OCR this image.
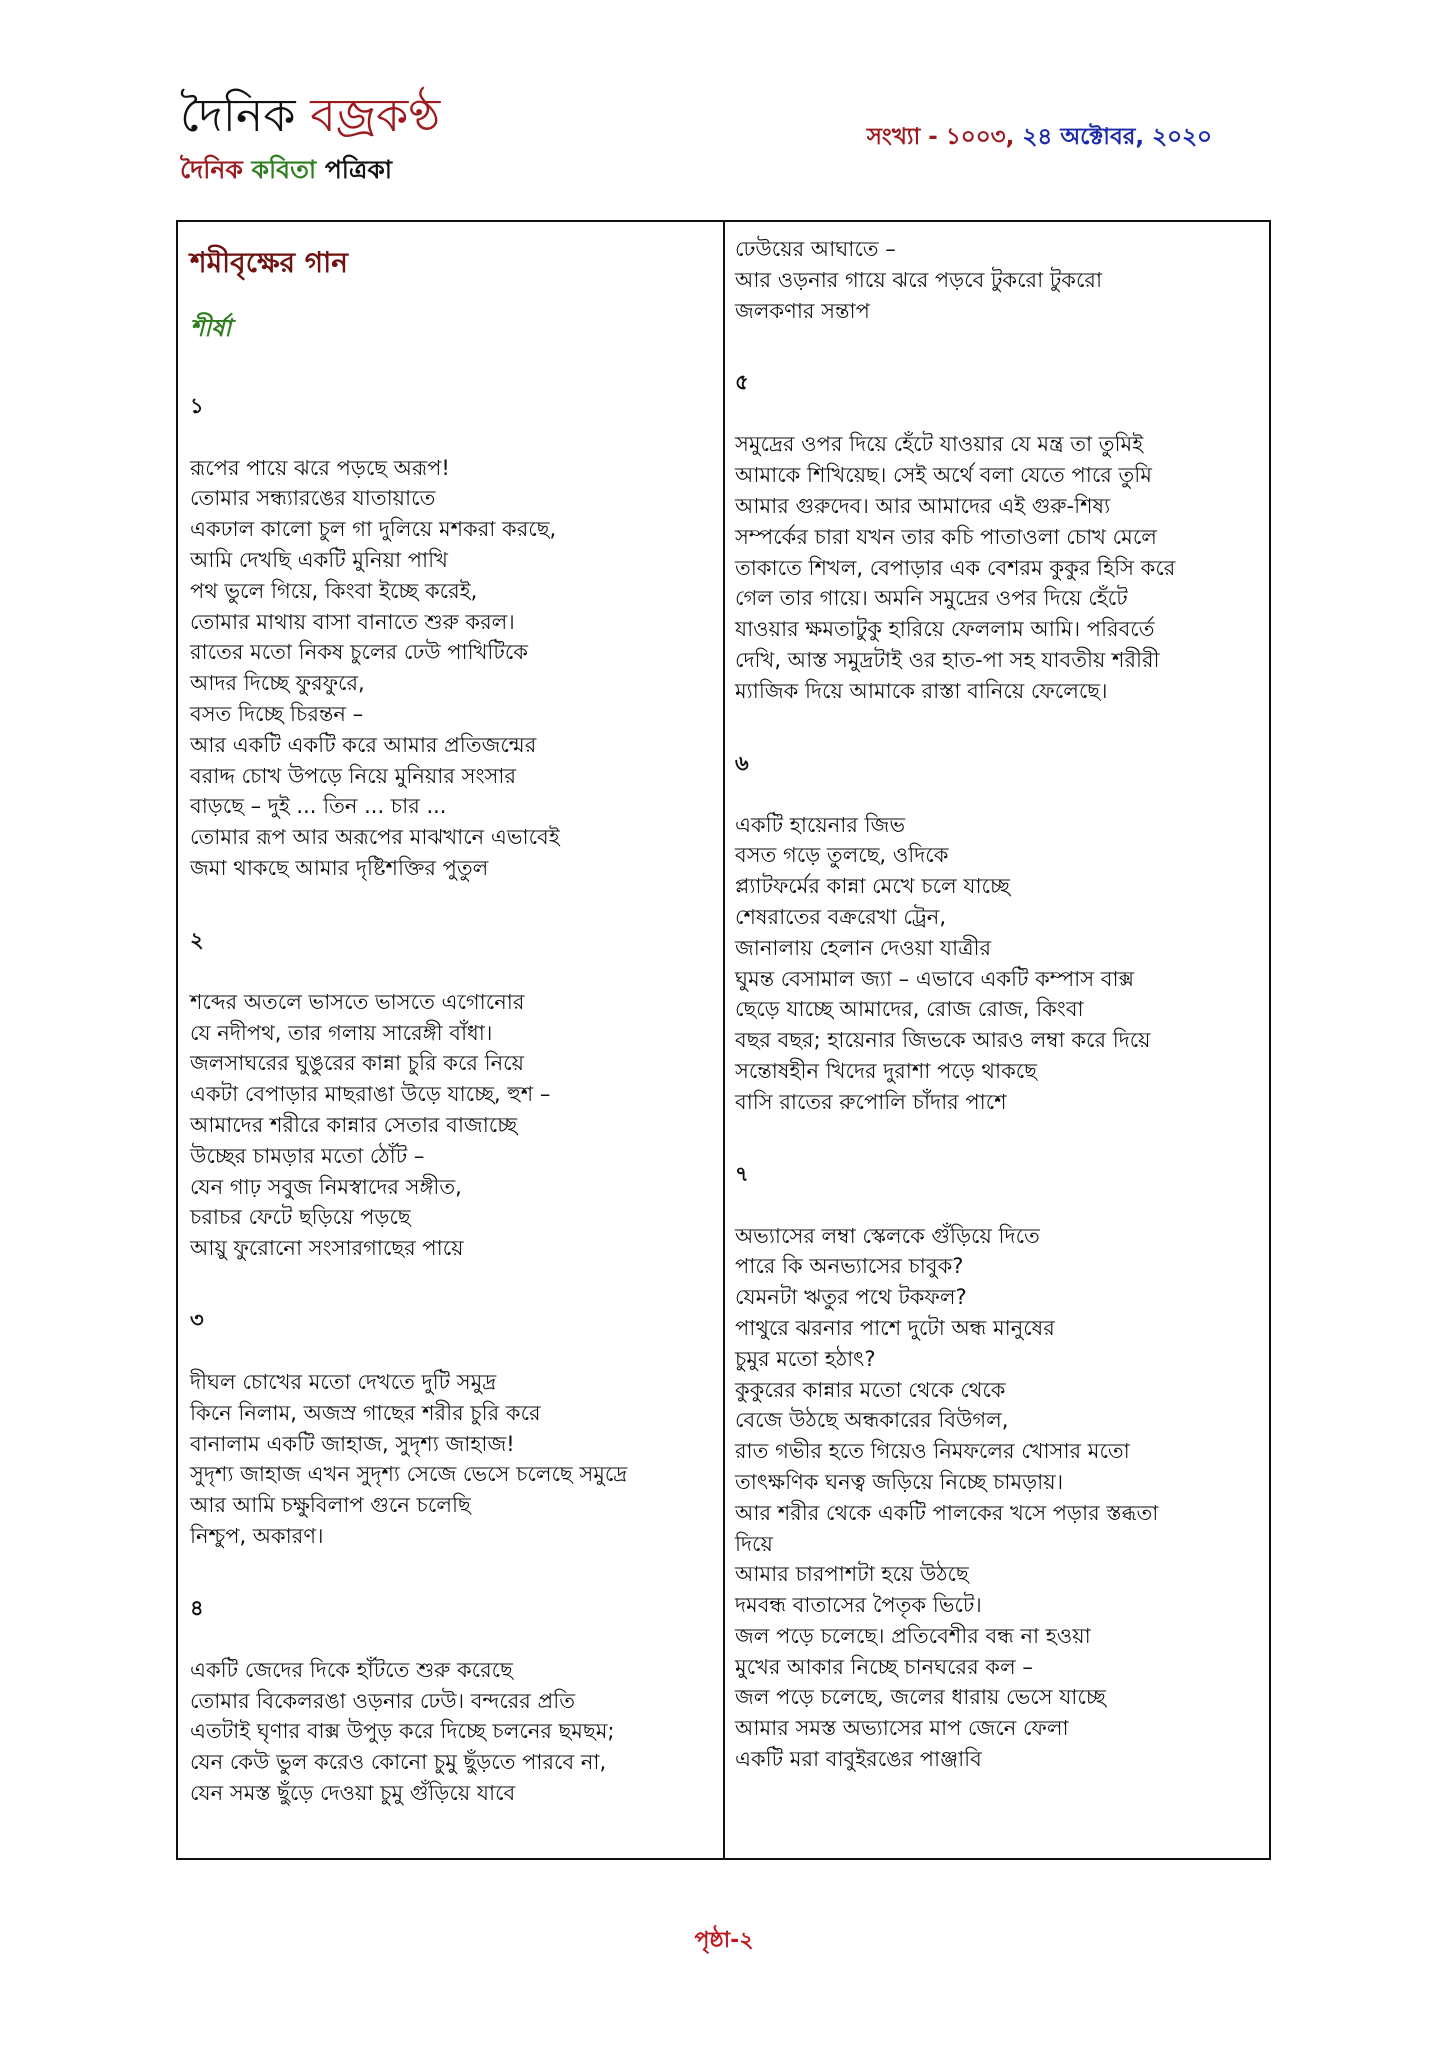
দৈনিক বজ্রকণ্ঠ
দৈনিক কবিতা পত্রিকা
সংখ্যা - ১০০৩, ২৪ অক্টোবর, ২০২০
শমীবৃক্ষের গান
শীর্ষা
১
রূপের পায়ে ঝরে পড়ছে অরূপ!
তোমার সন্ধ্যারঙের যাতায়াতে
একঢাল কালো চুল গা দুলিয়ে মশকরা করছে,
আমি দেখছি একটি মুনিয়া পাখি
পথ ভুলে গিয়ে, কিংবা ইচ্ছে করেই,
তোমার মাথায় বাসা বানাতে শুরু করল।
রাতের মতো নিকষ চুলের ঢেউ পাখিটিকে
আদর দিচ্ছে ফুরফুরে,
বসত দিচ্ছে চিরন্তন –
আর একটি একটি করে আমার প্রতিজন্মের
বরাদ্দ চোখ উপড়ে নিয়ে মুনিয়ার সংসার
বাড়ছে – দুই ... তিন ... চার ...
তোমার রূপ আর অরূপের মাঝখানে এভাবেই
জমা থাকছে আমার দৃষ্টিশক্তির পুতুল
২
শব্দের অতলে ভাসতে ভাসতে এগোনোর
যে নদীপথ, তার গলায় সারেঙ্গী বাঁধা।
জলসাঘরের ঘুঙুরের কান্না চুরি করে নিয়ে
একটা বেপাড়ার মাছরাঙা উড়ে যাচ্ছে, হুশ –
আমাদের শরীরে কান্নার সেতার বাজাচ্ছে
উচ্ছের চামড়ার মতো ঠোঁট –
যেন গাঢ় সবুজ নিমস্বাদের সঙ্গীত,
চরাচর ফেটে ছড়িয়ে পড়ছে
আয়ু ফুরোনো সংসারগাছের পায়ে
৩
দীঘল চোখের মতো দেখতে দুটি সমুদ্র
কিনে নিলাম, অজস্র গাছের শরীর চুরি করে
বানালাম একটি জাহাজ, সুদৃশ্য জাহাজ!
সুদৃশ্য জাহাজ এখন সুদৃশ্য সেজে ভেসে চলেছে সমুদ্রে
আর আমি চক্ষুবিলাপ গুনে চলেছি
নিশ্চুপ, অকারণ।
৪
একটি জেদের দিকে হাঁটতে শুরু করেছে
তোমার বিকেলরঙা ওড়নার ঢেউ। বন্দরের প্রতি
এতটাই ঘৃণার বাক্স উপুড় করে দিচ্ছে চলনের ছমছম;
যেন কেউ ভুল করেও কোনো চুমু ছুঁড়তে পারবে না,
যেন সমস্ত ছুঁড়ে দেওয়া চুমু গুঁড়িয়ে যাবে
ঢেউয়ের আঘাতে –
আর ওড়নার গায়ে ঝরে পড়বে টুকরো টুকরো
জলকণার সন্তাপ
৫
সমুদ্রের ওপর দিয়ে হেঁটে যাওয়ার যে মন্ত্র তা তুমিই
আমাকে শিখিয়েছ। সেই অর্থে বলা যেতে পারে তুমি
আমার গুরুদেব। আর আমাদের এই গুরু-শিষ্য
সম্পর্কের চারা যখন তার কচি পাতাওলা চোখ মেলে
তাকাতে শিখল, বেপাড়ার এক বেশরম কুকুর হিসি করে
গেল তার গায়ে। অমনি সমুদ্রের ওপর দিয়ে হেঁটে
যাওয়ার ক্ষমতাটুকু হারিয়ে ফেললাম আমি। পরিবর্তে
দেখি, আস্ত সমুদ্রটাই ওর হাত-পা সহ যাবতীয় শরীরী
ম্যাজিক দিয়ে আমাকে রাস্তা বানিয়ে ফেলেছে।
৬
একটি হায়েনার জিভ
বসত গড়ে তুলছে, ওদিকে
প্ল্যাটফর্মের কান্না মেখে চলে যাচ্ছে
শেষরাতের বক্ররেখা ট্রেন,
জানালায় হেলান দেওয়া যাত্রীর
ঘুমন্ত বেসামাল জ্যা – এভাবে একটি কম্পাস বাক্স
ছেড়ে যাচ্ছে আমাদের, রোজ রোজ, কিংবা
বছর বছর; হায়েনার জিভকে আরও লম্বা করে দিয়ে
সন্তোষহীন খিদের দুরাশা পড়ে থাকছে
বাসি রাতের রুপোলি চাঁদার পাশে
৭
অভ্যাসের লম্বা স্কেলকে গুঁড়িয়ে দিতে
পারে কি অনভ্যাসের চাবুক?
যেমনটা ঋতুর পথে টকফল?
পাথুরে ঝরনার পাশে দুটো অন্ধ মানুষের
চুমুর মতো হঠাৎ?
কুকুরের কান্নার মতো থেকে থেকে
বেজে উঠছে অন্ধকারের বিউগল,
রাত গভীর হতে গিয়েও নিমফলের খোসার মতো
তাৎক্ষণিক ঘনত্ব জড়িয়ে নিচ্ছে চামড়ায়।
আর শরীর থেকে একটি পালকের খসে পড়ার স্তব্ধতা
দিয়ে
আমার চারপাশটা হয়ে উঠছে
দমবন্ধ বাতাসের পৈতৃক ভিটে।
জল পড়ে চলেছে। প্রতিবেশীর বন্ধ না হওয়া
মুখের আকার নিচ্ছে চানঘরের কল –
জল পড়ে চলেছে, জলের ধারায় ভেসে যাচ্ছে
আমার সমস্ত অভ্যাসের মাপ জেনে ফেলা
একটি মরা বাবুইরঙের পাঞ্জাবি
পৃষ্ঠা-২
